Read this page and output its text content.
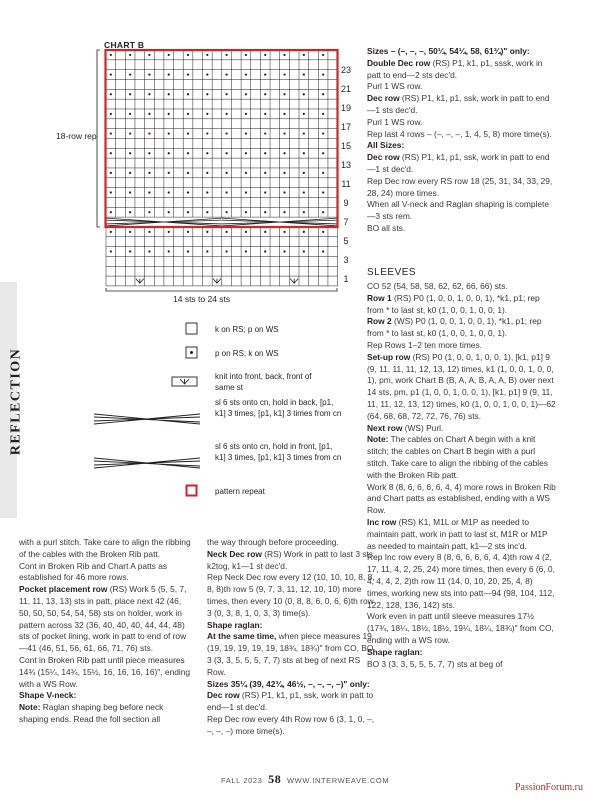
REFLECTION
CHART B
18-row rep
14 sts to 24 sts
23
21
19
17
15
13
11
9
7
5
3
1
k on RS; p on WS
p on RS; k on WS
knit into front, back, front of same st
sl 6 sts onto cn, hold in back, [p1, k1] 3 times, [p1, k1] 3 times from cn
sl 6 sts onto cn, hold in front, [p1, k1] 3 times, [p1, k1] 3 times from cn
pattern repeat

with a purl stitch. Take care to align the ribbing of the cables with the Broken Rib patt.

Cont in Broken Rib and Chart A patts as established for 46 more rows.

Pocket placement row (RS) Work 5 (5, 5, 7, 11, 11, 13, 13) sts in patt, place next 42 (46, 50, 50, 50, 54, 54, 58) sts on holder, work in pattern across 32 (36, 40, 40, 40, 44, 44, 48) sts of pocket lining, work in patt to end of row—41 (46, 51, 56, 61, 66, 71, 76) sts.

Cont in Broken Rib patt until piece measures 14¾ (15¼, 14¾, 15½, 16, 16, 16, 16)", ending with a WS Row.

Shape V-neck:

Note: Raglan shaping beg before neck shaping ends. Read the foll section all

the way through before proceeding.

Neck Dec row (RS) Work in patt to last 3 sts, k2tog, k1—1 st dec'd.

Rep Neck Dec row every 12 (10, 10, 10, 8, 8, 8, 8)th row 5 (9, 7, 3, 11, 12, 10, 10) more times, then every 10 (0, 8, 8, 6, 0, 6, 6)th row 3 (0, 3, 8, 1, 0, 3, 3) time(s).

Shape raglan:

At the same time, when piece measures 19 (19, 19, 19, 19, 19, 18¾, 18¾)" from CO, BO 3 (3, 3, 5, 5, 5, 7, 7) sts at beg of next RS Row.

Sizes 35¼ (39, 42¾, 46½, –, –, –, –)" only:

Dec row (RS) P1, k1, p1, ssk, work in patt to end—1 st dec'd.

Rep Dec row every 4th Row row 6 (3, 1, 0, –, –, –, –) more time(s).

Sizes – (–, –, –, 50¼, 54¼, 58, 61¾)" only:

Double Dec row (RS) P1, k1, p1, sssk, work in patt to end—2 sts dec'd.

Purl 1 WS row.

Dec row (RS) P1, k1, p1, ssk, work in patt to end—1 sts dec'd.

Purl 1 WS row.

Rep last 4 rows – (–, –, –, 1, 4, 5, 8) more time(s).

All Sizes:

Dec row (RS) P1, k1, p1, ssk, work in patt to end—1 st dec'd.

Rep Dec row every RS row 18 (25, 31, 34, 33, 29, 28, 24) more times.

When all V-neck and Raglan shaping is complete—3 sts rem.

BO all sts.

SLEEVES

CO 52 (54, 58, 58, 62, 62, 66, 66) sts.

Row 1 (RS) P0 (1, 0, 0, 1, 0, 0, 1), *k1, p1; rep from * to last st, k0 (1, 0, 0, 1, 0, 0, 1).

Row 2 (WS) P0 (1, 0, 0, 1, 0, 0, 1), *k1, p1; rep from * to last st, k0 (1, 0, 0, 1, 0, 0, 1).

Rep Rows 1–2 ten more times.

Set-up row (RS) P0 (1, 0, 0, 1, 0, 0, 1), [k1, p1] 9 (9, 11, 11, 11, 12, 13, 12) times, k1 (1, 0, 0, 1, 0, 0, 1), pm, work Chart B (B, A, A, B, A, A, B) over next 14 sts, pm, p1 (1, 0, 0, 1, 0, 0, 1), [k1, p1] 9 (9, 11, 11, 11, 12, 13, 12) times, k0 (1, 0, 0, 1, 0, 0, 1)—62 (64, 68, 68, 72, 72, 76, 76) sts.

Next row (WS) Purl.

Note: The cables on Chart A begin with a knit stitch; the cables on Chart B begin with a purl stitch. Take care to align the ribbing of the cables with the Broken Rib patt.

Work 8 (8, 6, 6, 6, 6, 4, 4) more rows in Broken Rib and Chart patts as established, ending with a WS Row.

Inc row (RS) K1, M1L or M1P as needed to maintain patt, work in patt to last st, M1R or M1P as needed to maintain patt, k1—2 sts inc'd.

Rep Inc row every 8 (8, 6, 6, 6, 6, 4, 4)th row 4 (2, 17, 11, 4, 2, 25, 24) more times, then every 6 (6, 0, 4, 4, 4, 2, 2)th row 11 (14, 0, 10, 20, 25, 4, 8) times, working new sts into patt—94 (98, 104, 112, 122, 128, 136, 142) sts.

Work even in patt until sleeve measures 17½ (17¾, 18¼, 18½, 18½, 19¼, 18¼, 18¾)" from CO, ending with a WS row.

Shape raglan:

BO 3 (3, 3, 5, 5, 5, 7, 7) sts at beg of

FALL 2023 58 WWW.INTERWEAVE.COM
PassionForum.ru
